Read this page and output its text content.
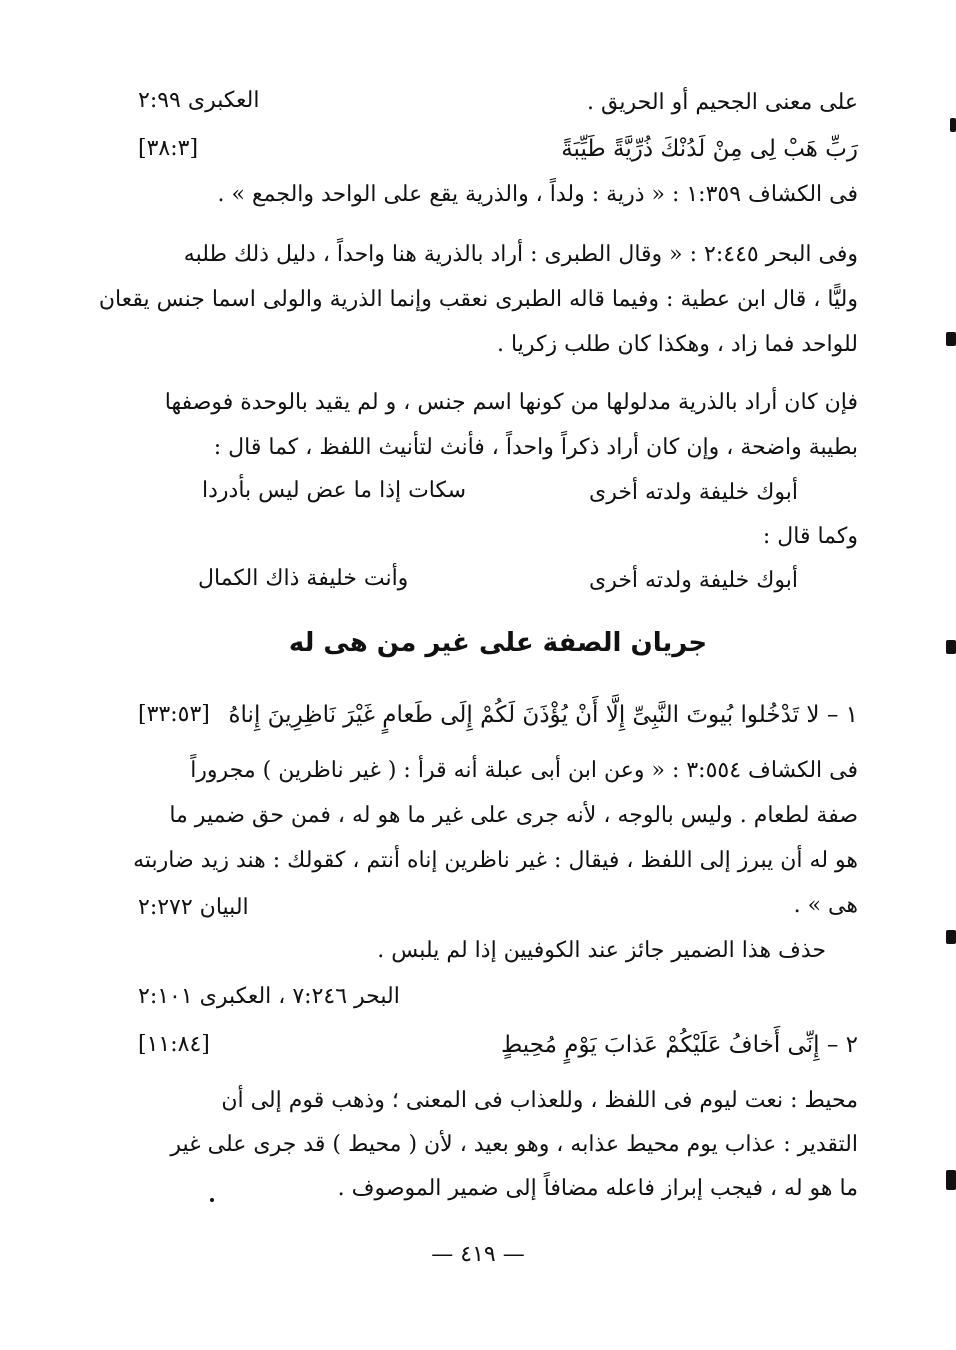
على معنى الجحيم أو الحريق .
العكبرى ٢:٩٩
رَبِّ هَبْ لِى مِنْ لَدُنْكَ ذُرِّيَّةً طَيِّبَةً
[٣٨:٣]
فى الكشاف ١:٣٥٩ : « ذرية : ولداً ، والذرية يقع على الواحد والجمع » .
وفى البحر ٢:٤٤٥ : « وقال الطبرى : أراد بالذرية هنا واحداً ، دليل ذلك طلبه
وليًّا ، قال ابن عطية : وفيما قاله الطبرى نعقب وإنما الذرية والولى اسما جنس يقعان
للواحد فما زاد ، وهكذا كان طلب زكريا .
فإن كان أراد بالذرية مدلولها من كونها اسم جنس ، و لم يقيد بالوحدة فوصفها
بطيبة واضحة ، وإن كان أراد ذكراً واحداً ، فأنث لتأنيث اللفظ ، كما قال :
أبوك خليفة ولدته أخرى
سكات إذا ما عض ليس بأدردا
وكما قال :
أبوك خليفة ولدته أخرى
وأنت خليفة ذاك الكمال
جريان الصفة على غير من هى له
١ – لا تَدْخُلوا بُيوتَ النَّبِىِّ إِلَّا أَنْ يُؤْذَنَ لَكُمْ إِلَى طَعامٍ غَيْرَ نَاظِرِينَ إِناهُ
[٣٣:٥٣]
فى الكشاف ٣:٥٥٤ : « وعن ابن أبى عبلة أنه قرأ : ( غير ناظرين ) مجروراً
صفة لطعام . وليس بالوجه ، لأنه جرى على غير ما هو له ، فمن حق ضمير ما
هو له أن يبرز إلى اللفظ ، فيقال : غير ناظرين إناه أنتم ، كقولك : هند زيد ضاربته
هى » .
البيان ٢:٢٧٢
حذف هذا الضمير جائز عند الكوفيين إذا لم يلبس .
البحر ٧:٢٤٦ ، العكبرى ٢:١٠١
٢ – إِنِّى أَخافُ عَلَيْكُمْ عَذابَ يَوْمٍ مُحِيطٍ
[١١:٨٤]
محيط : نعت ليوم فى اللفظ ، وللعذاب فى المعنى ؛ وذهب قوم إلى أن
التقدير : عذاب يوم محيط عذابه ، وهو بعيد ، لأن ( محيط ) قد جرى على غير
ما هو له ، فيجب إبراز فاعله مضافاً إلى ضمير الموصوف .
— ٤١٩ —
